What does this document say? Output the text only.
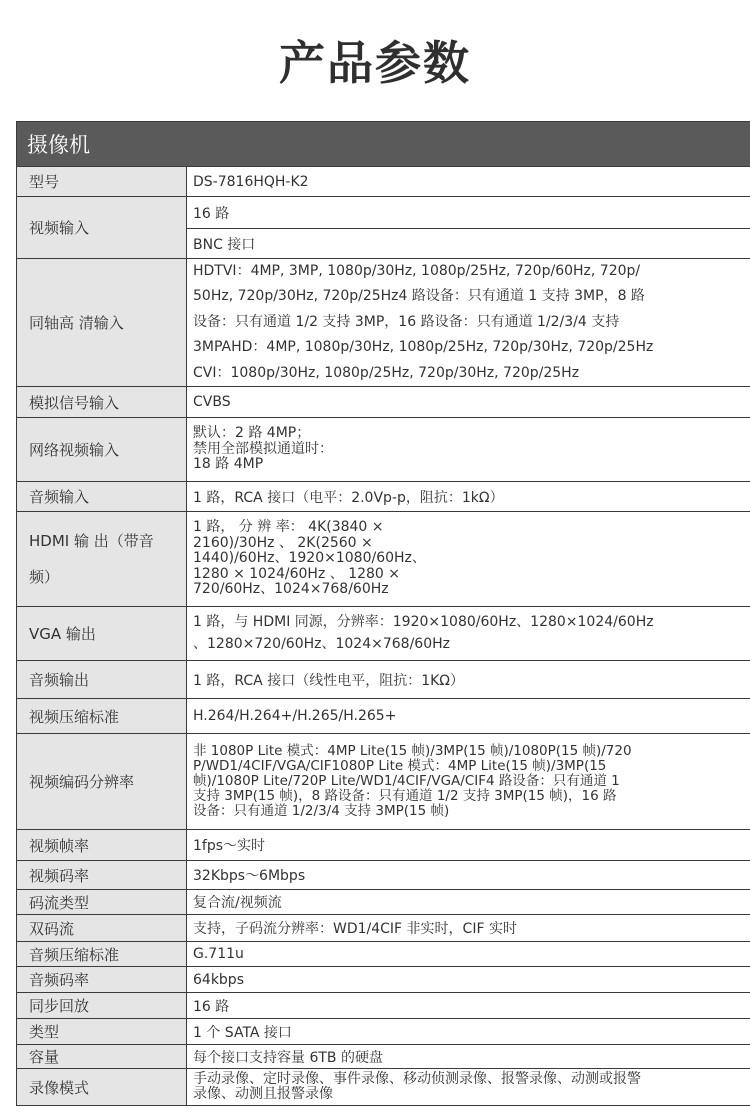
产品参数
摄像机	
型号	DS-7816HQH-K2
视频输入	16 路
	BNC 接口
同轴高 清输入	HDTVI：4MP, 3MP, 1080p/30Hz, 1080p/25Hz, 720p/60Hz, 720p/
50Hz, 720p/30Hz, 720p/25Hz4 路设备：只有通道 1 支持 3MP，8 路
设备：只有通道 1/2 支持 3MP，16 路设备：只有通道 1/2/3/4 支持
3MPAHD：4MP, 1080p/30Hz, 1080p/25Hz, 720p/30Hz, 720p/25Hz
CVI：1080p/30Hz, 1080p/25Hz, 720p/30Hz, 720p/25Hz

模拟信号输入	CVBS
网络视频输入	默认：2 路 4MP；
禁用全部模拟通道时：
18 路 4MP

音频输入	1 路，RCA 接口（电平：2.0Vp-p，阻抗：1kΩ）
HDMI 输 出（带音频）	1 路， 分 辨 率： 4K(3840 ×
2160)/30Hz 、 2K(2560 ×
1440)/60Hz、1920×1080/60Hz、
1280 × 1024/60Hz 、 1280 ×
720/60Hz、1024×768/60Hz

VGA 输出	1 路，与 HDMI 同源，分辨率：1920×1080/60Hz、1280×1024/60Hz
、1280×720/60Hz、1024×768/60Hz

音频输出	1 路，RCA 接口（线性电平，阻抗：1KΩ）
视频压缩标准	H.264/H.264+/H.265/H.265+
视频编码分辨率	非 1080P Lite 模式：4MP Lite(15 帧)/3MP(15 帧)/1080P(15 帧)/720
P/WD1/4CIF/VGA/CIF1080P Lite 模式：4MP Lite(15 帧)/3MP(15
帧)/1080P Lite/720P Lite/WD1/4CIF/VGA/CIF4 路设备：只有通道 1
支持 3MP(15 帧)，8 路设备：只有通道 1/2 支持 3MP(15 帧)，16 路
设备：只有通道 1/2/3/4 支持 3MP(15 帧)

视频帧率	1fps～实时
视频码率	32Kbps～6Mbps
码流类型	复合流/视频流
双码流	支持，子码流分辨率：WD1/4CIF 非实时，CIF 实时
音频压缩标准	G.711u
音频码率	64kbps
同步回放	16 路
类型	1 个 SATA 接口
容量	每个接口支持容量 6TB 的硬盘
录像模式	手动录像、定时录像、事件录像、移动侦测录像、报警录像、动测或报警
录像、动测且报警录像
